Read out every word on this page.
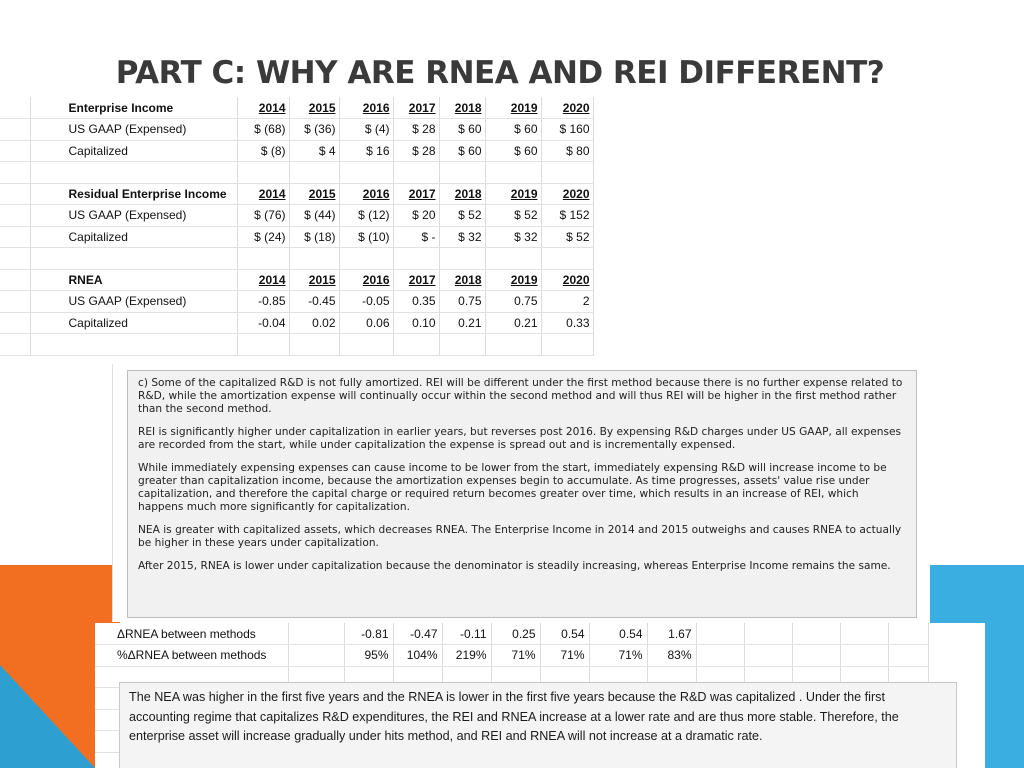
PART C: WHY ARE RNEA AND REI DIFFERENT?
	Enterprise Income	2014	2015	2016	2017	2018	2019	2020
	US GAAP (Expensed)	$ (68)	$ (36)	$ (4)	$ 28	$ 60	$ 60	$ 160
	Capitalized	$ (8)	$ 4	$ 16	$ 28	$ 60	$ 60	$ 80

	Residual Enterprise Income	2014	2015	2016	2017	2018	2019	2020
	US GAAP (Expensed)	$ (76)	$ (44)	$ (12)	$ 20	$ 52	$ 52	$ 152
	Capitalized	$ (24)	$ (18)	$ (10)	$ -	$ 32	$ 32	$ 52

	RNEA	2014	2015	2016	2017	2018	2019	2020
	US GAAP (Expensed)	-0.85	-0.45	-0.05	0.35	0.75	0.75	2
	Capitalized	-0.04	0.02	0.06	0.10	0.21	0.21	0.33

c) Some of the capitalized R&D is not fully amortized. REI will be different under the first method because there is no further expense related to R&D, while the amortization expense will continually occur within the second method and will thus REI will be higher in the first method rather than the second method.

REI is significantly higher under capitalization in earlier years, but reverses post 2016. By expensing R&D charges under US GAAP, all expenses are recorded from the start, while under capitalization the expense is spread out and is incrementally expensed.

While immediately expensing expenses can cause income to be lower from the start, immediately expensing R&D will increase income to be greater than capitalization income, because the amortization expenses begin to accumulate. As time progresses, assets' value rise under capitalization, and therefore the capital charge or required return becomes greater over time, which results in an increase of REI, which happens much more significantly for capitalization.

NEA is greater with capitalized assets, which decreases RNEA. The Enterprise Income in 2014 and 2015 outweighs and causes RNEA to actually be higher in these years under capitalization.

After 2015, RNEA is lower under capitalization because the denominator is steadily increasing, whereas Enterprise Income remains the same.

ΔRNEA between methods		-0.81	-0.47	-0.11	0.25	0.54	0.54	1.67					
%ΔRNEA between methods		95%	104%	219%	71%	71%	71%	83%					

The NEA was higher in the first five years and the RNEA is lower in the first five years because the R&D was capitalized . Under the first accounting regime that capitalizes R&D expenditures, the REI and RNEA increase at a lower rate and are thus more stable. Therefore, the enterprise asset will increase gradually under hits method, and REI and RNEA will not increase at a dramatic rate.
